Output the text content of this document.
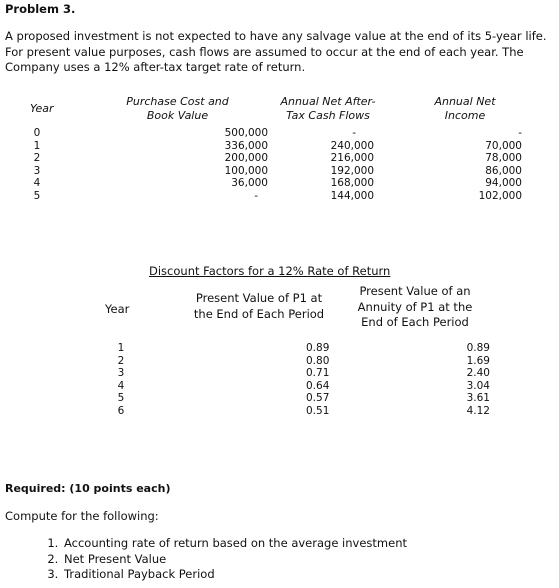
Problem 3.
A proposed investment is not expected to have any salvage value at the end of its 5-year life. For present value purposes, cash flows are assumed to occur at the end of each year. The Company uses a 12% after-tax target rate of return.
Year
Purchase Cost and
Book Value
Annual Net After-
Tax Cash Flows
Annual Net
Income
0
1
2
3
4
5
500,000
336,000
200,000
100,000
36,000
-
-
240,000
216,000
192,000
168,000
144,000
-
70,000
78,000
86,000
94,000
102,000
Discount Factors for a 12% Rate of Return
Year
Present Value of P1 at
the End of Each Period
Present Value of an
Annuity of P1 at the
End of Each Period
1
2
3
4
5
6
0.89
0.80
0.71
0.64
0.57
0.51
0.89
1.69
2.40
3.04
3.61
4.12
Required: (10 points each)
Compute for the following:
1. Accounting rate of return based on the average investment
2. Net Present Value
3. Traditional Payback Period
